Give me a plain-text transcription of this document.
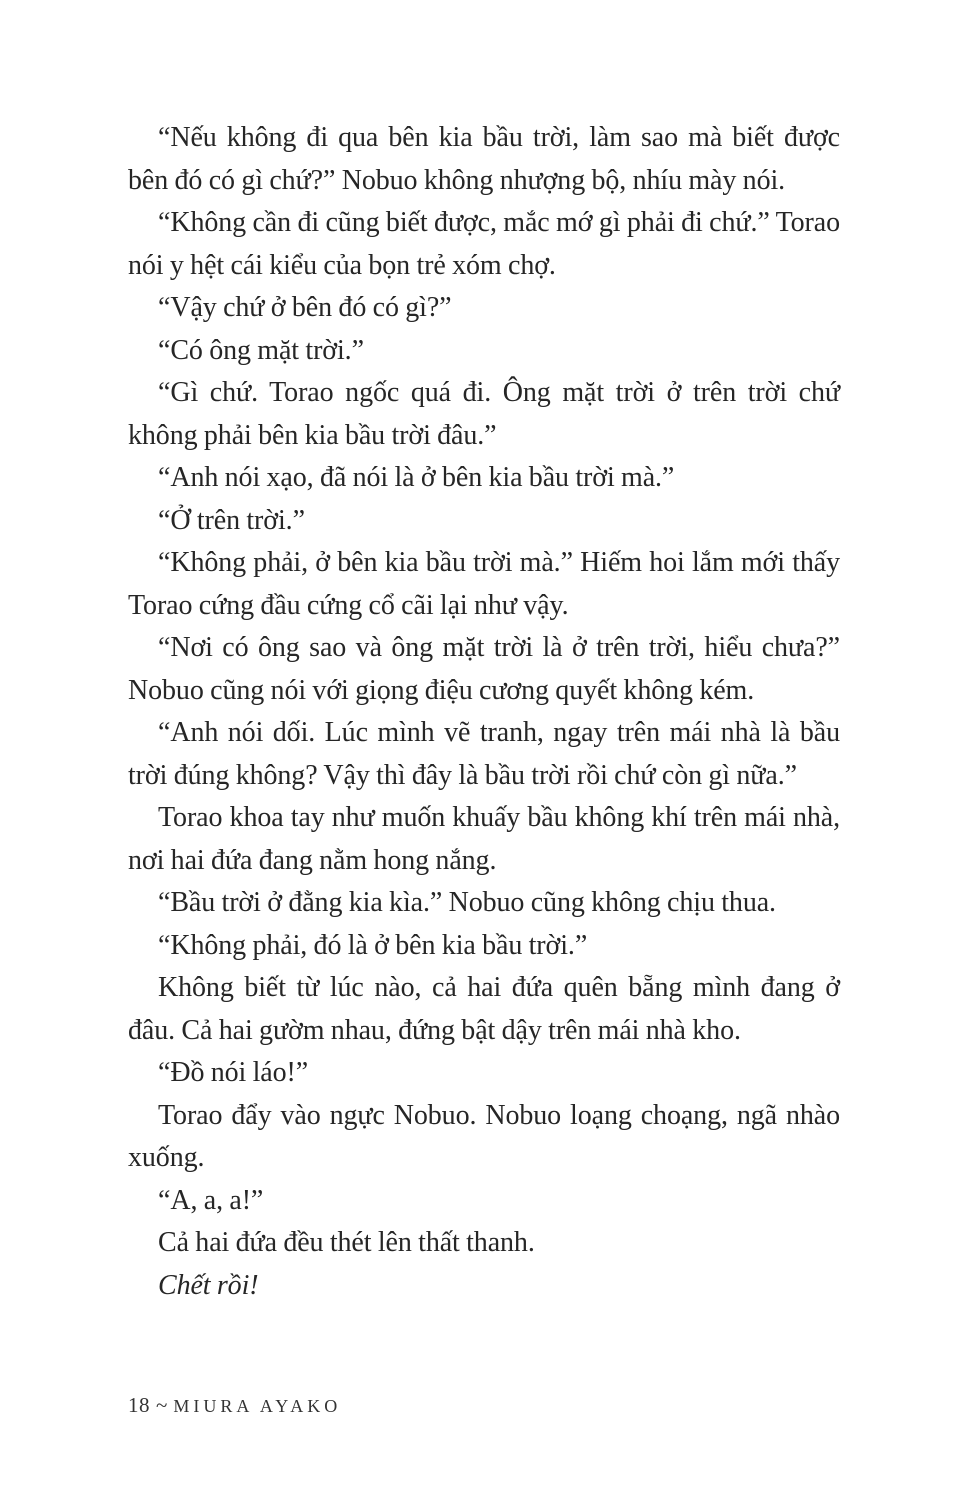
“Nếu không đi qua bên kia bầu trời, làm sao mà biết được bên đó có gì chứ?” Nobuo không nhượng bộ, nhíu mày nói.

“Không cần đi cũng biết được, mắc mớ gì phải đi chứ.” Torao nói y hệt cái kiểu của bọn trẻ xóm chợ.

“Vậy chứ ở bên đó có gì?”

“Có ông mặt trời.”

“Gì chứ. Torao ngốc quá đi. Ông mặt trời ở trên trời chứ không phải bên kia bầu trời đâu.”

“Anh nói xạo, đã nói là ở bên kia bầu trời mà.”

“Ở trên trời.”

“Không phải, ở bên kia bầu trời mà.” Hiếm hoi lắm mới thấy Torao cứng đầu cứng cổ cãi lại như vậy.

“Nơi có ông sao và ông mặt trời là ở trên trời, hiểu chưa?” Nobuo cũng nói với giọng điệu cương quyết không kém.

“Anh nói dối. Lúc mình vẽ tranh, ngay trên mái nhà là bầu trời đúng không? Vậy thì đây là bầu trời rồi chứ còn gì nữa.”

Torao khoa tay như muốn khuấy bầu không khí trên mái nhà, nơi hai đứa đang nằm hong nắng.

“Bầu trời ở đằng kia kìa.” Nobuo cũng không chịu thua.

“Không phải, đó là ở bên kia bầu trời.”

Không biết từ lúc nào, cả hai đứa quên bẵng mình đang ở đâu. Cả hai gườm nhau, đứng bật dậy trên mái nhà kho.

“Đồ nói láo!”

Torao đẩy vào ngực Nobuo. Nobuo loạng choạng, ngã nhào xuống.

“A, a, a!”

Cả hai đứa đều thét lên thất thanh.

Chết rồi!

18 ~ MIURA AYAKO
